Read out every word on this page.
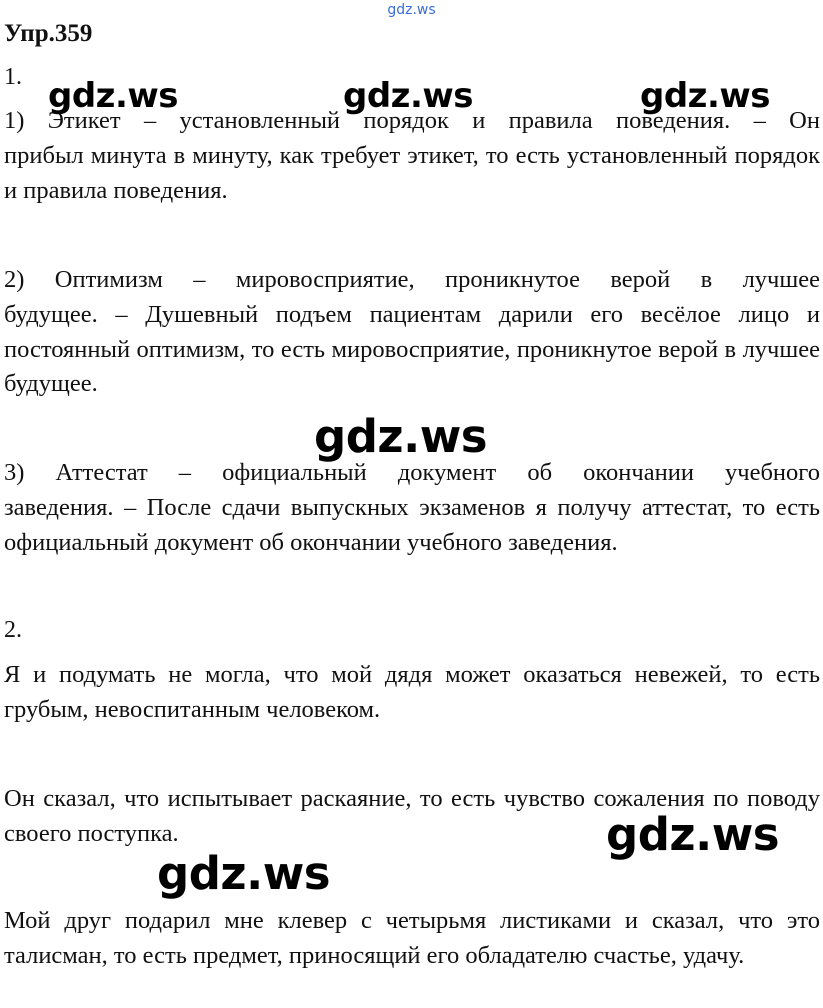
gdz.ws
Упр.359
1.
1) Этикет – установленный порядок и правила поведения. – Он
прибыл минута в минуту, как требует этикет, то есть установленный порядок и правила поведения.
2) Оптимизм – мировосприятие, проникнутое верой в лучшее
будущее. – Душевный подъем пациентам дарили его весёлое лицо и постоянный оптимизм, то есть мировосприятие, проникнутое верой в лучшее будущее.
3) Аттестат – официальный документ об окончании учебного
заведения. – После сдачи выпускных экзаменов я получу аттестат, то есть официальный документ об окончании учебного заведения.
2.
Я и подумать не могла, что мой дядя может оказаться невежей, то есть грубым, невоспитанным человеком.
Он сказал, что испытывает раскаяние, то есть чувство сожаления по поводу своего поступка.
Мой друг подарил мне клевер с четырьмя листиками и сказал, что это талисман, то есть предмет, приносящий его обладателю счастье, удачу.
gdz.ws	gdz.ws	gdz.ws
gdz.ws
gdz.ws
gdz.ws
